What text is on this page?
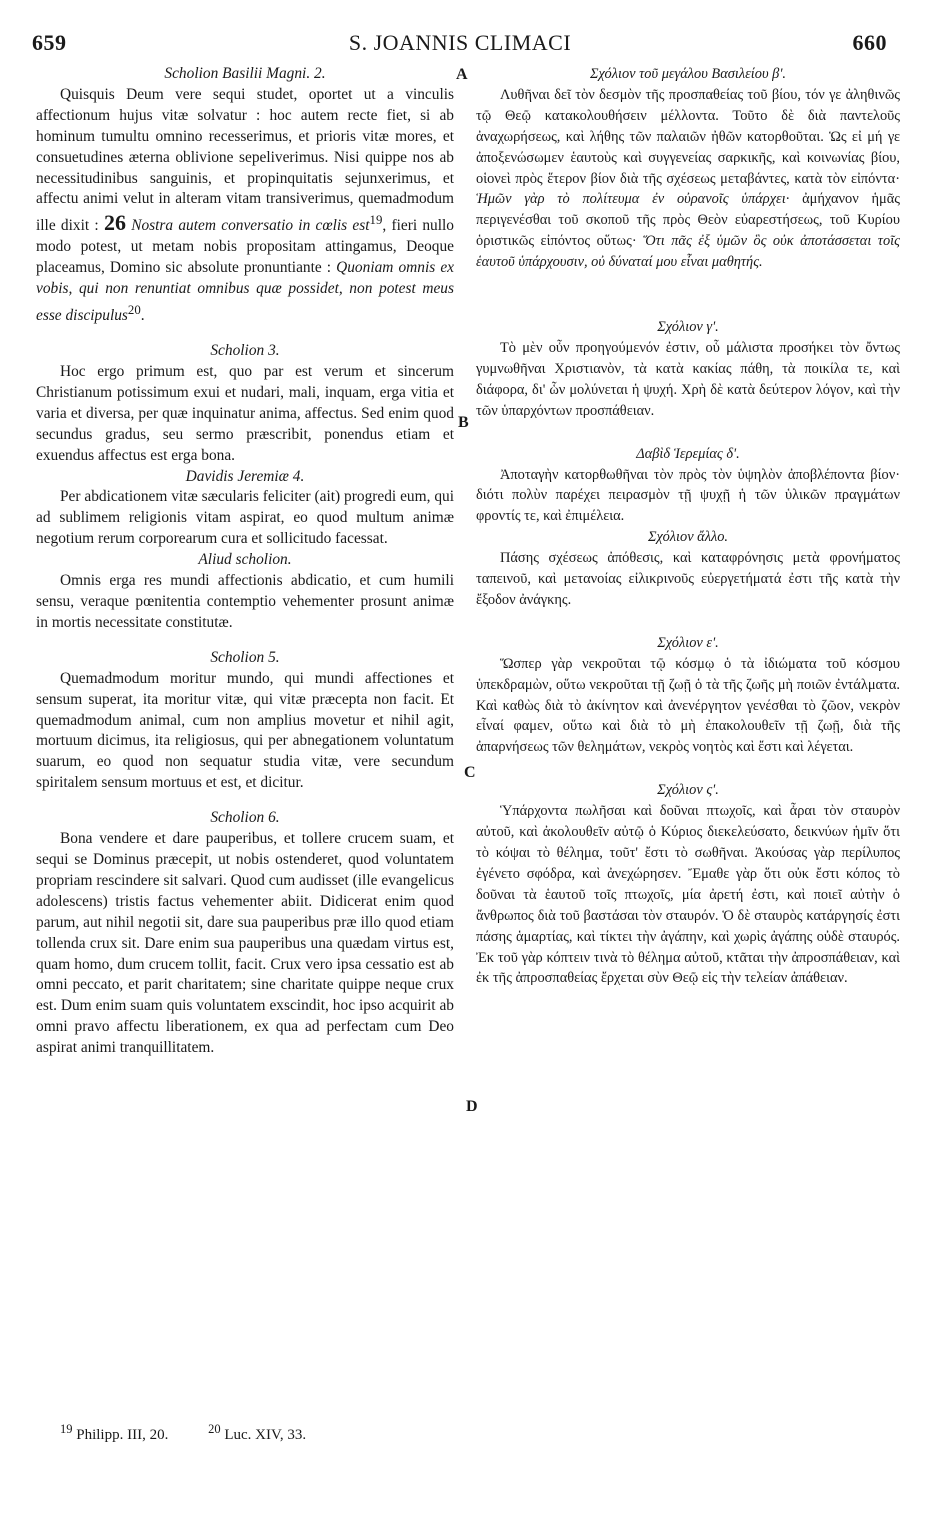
659	S. JOANNIS CLIMACI	660
A
B
C
D
Scholion Basilii Magni. 2.

Quisquis Deum vere sequi studet, oportet ut a vinculis affectionum hujus vitæ solvatur : hoc autem recte fiet, si ab hominum tumultu omnino recesserimus, et prioris vitæ mores, et consuetudines æterna oblivione sepeliverimus. Nisi quippe nos ab necessitudinibus sanguinis, et propinquitatis sejunxerimus, et affectu animi velut in alteram vitam transiverimus, quemadmodum ille dixit : 26 Nostra autem conversatio in cœlis est$^{19}$, fieri nullo modo potest, ut metam nobis propositam attingamus, Deoque placeamus, Domino sic absolute pronuntiante : Quoniam omnis ex vobis, qui non renuntiat omnibus quæ possidet, non potest meus esse discipulus$^{20}$.

Scholion 3.

Hoc ergo primum est, quo par est verum et sincerum Christianum potissimum exui et nudari, mali, inquam, erga vitia et varia et diversa, per quæ inquinatur anima, affectus. Sed enim quod secundus gradus, seu sermo præscribit, ponendus etiam et exuendus affectus est erga bona.

Davidis Jeremiæ 4.

Per abdicationem vitæ sæcularis feliciter (ait) progredi eum, qui ad sublimem religionis vitam aspirat, eo quod multum animæ negotium rerum corporearum cura et sollicitudo facessat.

Aliud scholion.

Omnis erga res mundi affectionis abdicatio, et cum humili sensu, veraque pœnitentia contemptio vehementer prosunt animæ in mortis necessitate constitutæ.

Scholion 5.

Quemadmodum moritur mundo, qui mundi affectiones et sensum superat, ita moritur vitæ, qui vitæ præcepta non facit. Et quemadmodum animal, cum non amplius movetur et nihil agit, mortuum dicimus, ita religiosus, qui per abnegationem voluntatum suarum, eo quod non sequatur studia vitæ, vere secundum spiritalem sensum mortuus et est, et dicitur.

Scholion 6.

Bona vendere et dare pauperibus, et tollere crucem suam, et sequi se Dominus præcepit, ut nobis ostenderet, quod voluntatem propriam rescindere sit salvari. Quod cum audisset (ille evangelicus adolescens) tristis factus vehementer abiit. Didicerat enim quod parum, aut nihil negotii sit, dare sua pauperibus præ illo quod etiam tollenda crux sit. Dare enim sua pauperibus una quædam virtus est, quam homo, dum crucem tollit, facit. Crux vero ipsa cessatio est ab omni peccato, et parit charitatem; sine charitate quippe neque crux est. Dum enim suam quis voluntatem exscindit, hoc ipso acquirit ab omni pravo affectu liberationem, ex qua ad perfectam cum Deo aspirat animi tranquillitatem.

Σχόλιον τοῦ μεγάλου Βασιλείου β'.

Λυθῆναι δεῖ τὸν δεσμὸν τῆς προσπαθείας τοῦ βίου, τόν γε ἀληθινῶς τῷ Θεῷ κατακολουθήσειν μέλλοντα. Τοῦτο δὲ διὰ παντελοῦς ἀναχωρήσεως, καὶ λήθης τῶν παλαιῶν ἠθῶν κατορθοῦται. Ὡς εἰ μή γε ἀποξενώσωμεν ἑαυτοὺς καὶ συγγενείας σαρκικῆς, καὶ κοινωνίας βίου, οἱονεὶ πρὸς ἕτερον βίον διὰ τῆς σχέσεως μεταβάντες, κατὰ τὸν εἰπόντα· Ἡμῶν γὰρ τὸ πολίτευμα ἐν οὐρανοῖς ὑπάρχει· ἀμήχανον ἡμᾶς περιγενέσθαι τοῦ σκοποῦ τῆς πρὸς Θεὸν εὐαρεστήσεως, τοῦ Κυρίου ὁριστικῶς εἰπόντος οὕτως· Ὅτι πᾶς ἐξ ὑμῶν ὃς οὐκ ἀποτάσσεται τοῖς ἑαυτοῦ ὑπάρχουσιν, οὐ δύναταί μου εἶναι μαθητής.

Σχόλιον γ'.

Τὸ μὲν οὖν προηγούμενόν ἐστιν, οὗ μάλιστα προσήκει τὸν ὄντως γυμνωθῆναι Χριστιανὸν, τὰ κατὰ κακίας πάθη, τὰ ποικίλα τε, καὶ διάφορα, δι' ὧν μολύνεται ἡ ψυχή. Χρὴ δὲ κατὰ δεύτερον λόγον, καὶ τὴν τῶν ὑπαρχόντων προσπάθειαν.

Δαβὶδ Ἱερεμίας δ'.

Ἀποταγὴν κατορθωθῆναι τὸν πρὸς τὸν ὑψηλὸν ἀποβλέποντα βίον· διότι πολὺν παρέχει πειρασμὸν τῇ ψυχῇ ἡ τῶν ὑλικῶν πραγμάτων φροντίς τε, καὶ ἐπιμέλεια.

Σχόλιον ἄλλο.

Πάσης σχέσεως ἀπόθεσις, καὶ καταφρόνησις μετὰ φρονήματος ταπεινοῦ, καὶ μετανοίας εἰλικρινοῦς εὐεργετήματά ἐστι τῆς κατὰ τὴν ἔξοδον ἀνάγκης.

Σχόλιον ε'.

Ὥσπερ γὰρ νεκροῦται τῷ κόσμῳ ὁ τὰ ἰδιώματα τοῦ κόσμου ὑπεκδραμὼν, οὕτω νεκροῦται τῇ ζωῇ ὁ τὰ τῆς ζωῆς μὴ ποιῶν ἐντάλματα. Καὶ καθὼς διὰ τὸ ἀκίνητον καὶ ἀνενέργητον γενέσθαι τὸ ζῶον, νεκρὸν εἶναί φαμεν, οὕτω καὶ διὰ τὸ μὴ ἐπακολουθεῖν τῇ ζωῇ, διὰ τῆς ἀπαρνήσεως τῶν θελημάτων, νεκρὸς νοητὸς καὶ ἔστι καὶ λέγεται.

Σχόλιον ς'.

Ὑπάρχοντα πωλῆσαι καὶ δοῦναι πτωχοῖς, καὶ ἆραι τὸν σταυρὸν αὐτοῦ, καὶ ἀκολουθεῖν αὐτῷ ὁ Κύριος διεκελεύσατο, δεικνύων ἡμῖν ὅτι τὸ κόψαι τὸ θέλημα, τοῦτ' ἔστι τὸ σωθῆναι. Ἀκούσας γὰρ περίλυπος ἐγένετο σφόδρα, καὶ ἀνεχώρησεν. Ἔμαθε γὰρ ὅτι οὐκ ἔστι κόπος τὸ δοῦναι τὰ ἑαυτοῦ τοῖς πτωχοῖς, μία ἀρετή ἐστι, καὶ ποιεῖ αὐτὴν ὁ ἄνθρωπος διὰ τοῦ βαστάσαι τὸν σταυρόν. Ὁ δὲ σταυρὸς κατάργησίς ἐστι πάσης ἁμαρτίας, καὶ τίκτει τὴν ἀγάπην, καὶ χωρὶς ἀγάπης οὐδὲ σταυρός. Ἐκ τοῦ γὰρ κόπτειν τινὰ τὸ θέλημα αὐτοῦ, κτᾶται τὴν ἀπροσπάθειαν, καὶ ἐκ τῆς ἀπροσπαθείας ἔρχεται σὺν Θεῷ εἰς τὴν τελείαν ἀπάθειαν.

$^{19}$ Philipp. III, 20.	$^{20}$ Luc. XIV, 33.
